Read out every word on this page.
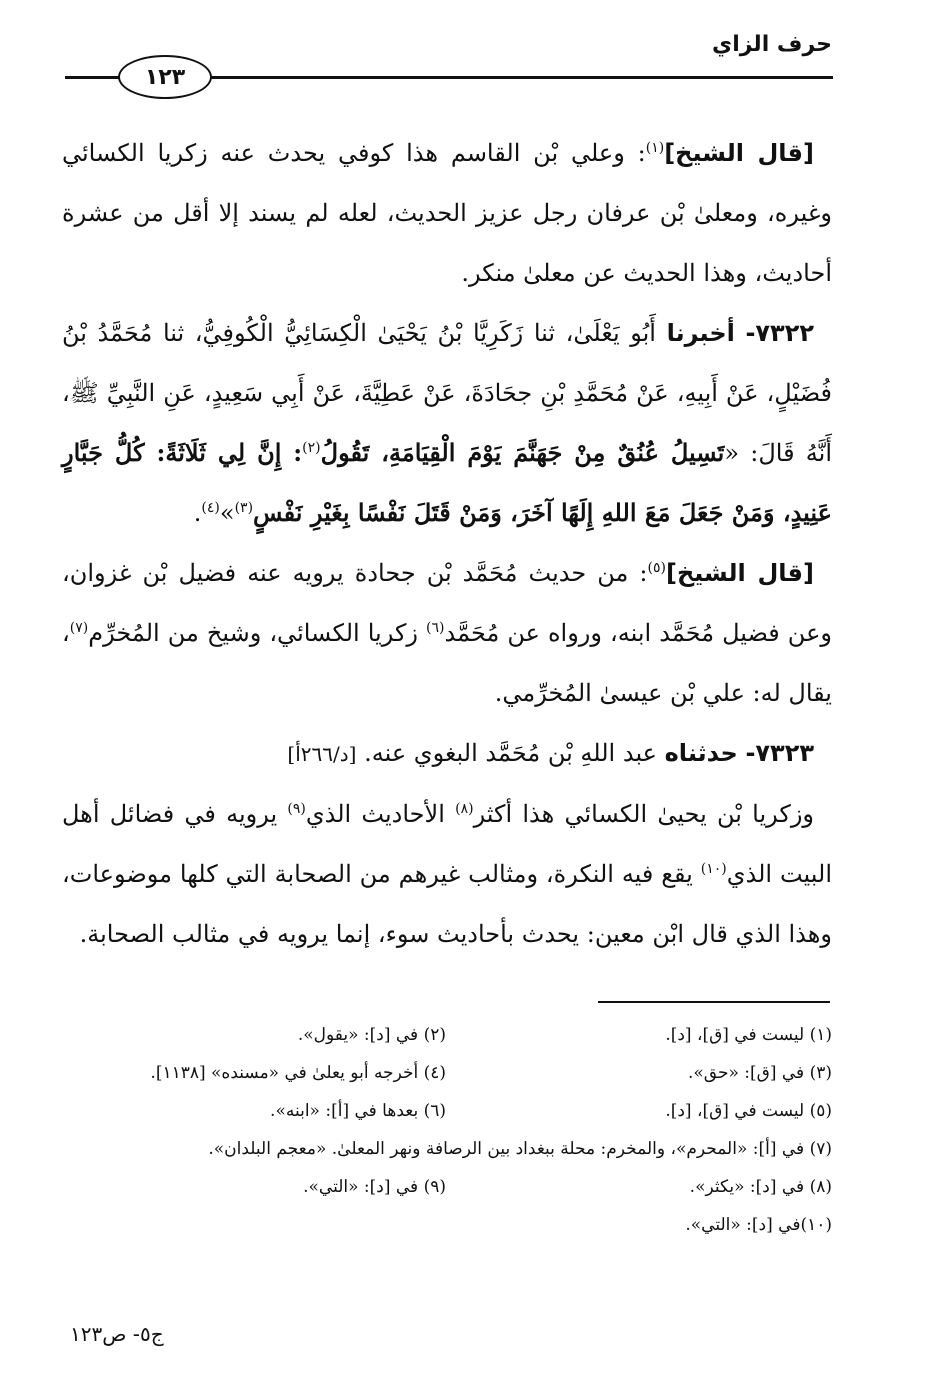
حرف الزاي
١٢٣

[قال الشيخ]$^{(١)}$: وعلي بْن القاسم هذا كوفي يحدث عنه زكريا الكسائي وغيره، ومعلىٰ بْن عرفان رجل عزيز الحديث، لعله لم يسند إلا أقل من عشرة أحاديث، وهذا الحديث عن معلىٰ منكر.

٧٣٢٢- أخبرنا أَبُو يَعْلَىٰ، ثنا زَكَرِيَّا بْنُ يَحْيَىٰ الْكِسَائِيُّ الْكُوفِيُّ، ثنا مُحَمَّدُ بْنُ فُضَيْلٍ، عَنْ أَبِيهِ، عَنْ مُحَمَّدِ بْنِ جحَادَةَ، عَنْ عَطِيَّةَ، عَنْ أَبِي سَعِيدٍ، عَنِ النَّبِيِّ ﷺ، أَنَّهُ قَالَ: «تَسِيلُ عُنُقٌ مِنْ جَهَنَّمَ يَوْمَ الْقِيَامَةِ، تَقُولُ$^{(٢)}$: إِنَّ لِي ثَلَاثَةً: كُلُّ جَبَّارٍ عَنِيدٍ، وَمَنْ جَعَلَ مَعَ اللهِ إِلَهًا آخَرَ، وَمَنْ قَتَلَ نَفْسًا بِغَيْرِ نَفْسٍ$^{(٣)}$»$^{(٤)}$.

[قال الشيخ]$^{(٥)}$: من حديث مُحَمَّد بْن جحادة يرويه عنه فضيل بْن غزوان، وعن فضيل مُحَمَّد ابنه، ورواه عن مُحَمَّد$^{(٦)}$ زكريا الكسائي، وشيخ من المُخرِّم$^{(٧)}$، يقال له: علي بْن عيسىٰ المُخرِّمي.

٧٣٢٣- حدثناه عبد اللهِ بْن مُحَمَّد البغوي عنه. [د/٢٦٦أ]

وزكريا بْن يحيىٰ الكسائي هذا أكثر$^{(٨)}$ الأحاديث الذي$^{(٩)}$ يرويه في فضائل أهل البيت الذي$^{(١٠)}$ يقع فيه النكرة، ومثالب غيرهم من الصحابة التي كلها موضوعات، وهذا الذي قال ابْن معين: يحدث بأحاديث سوء، إنما يرويه في مثالب الصحابة.

(١) ليست في [ق]، [د].
(٢) في [د]: «يقول».
(٣) في [ق]: «حق».
(٤) أخرجه أبو يعلىٰ في «مسنده» [١١٣٨].
(٥) ليست في [ق]، [د].
(٦) بعدها في [أ]: «ابنه».
(٧) في [أ]: «المحرم»، والمخرم: محلة ببغداد بين الرصافة ونهر المعلىٰ. «معجم البلدان».
(٨) في [د]: «يكثر».
(٩) في [د]: «التي».
(١٠)في [د]: «التي».
ج٥- ص١٢٣
